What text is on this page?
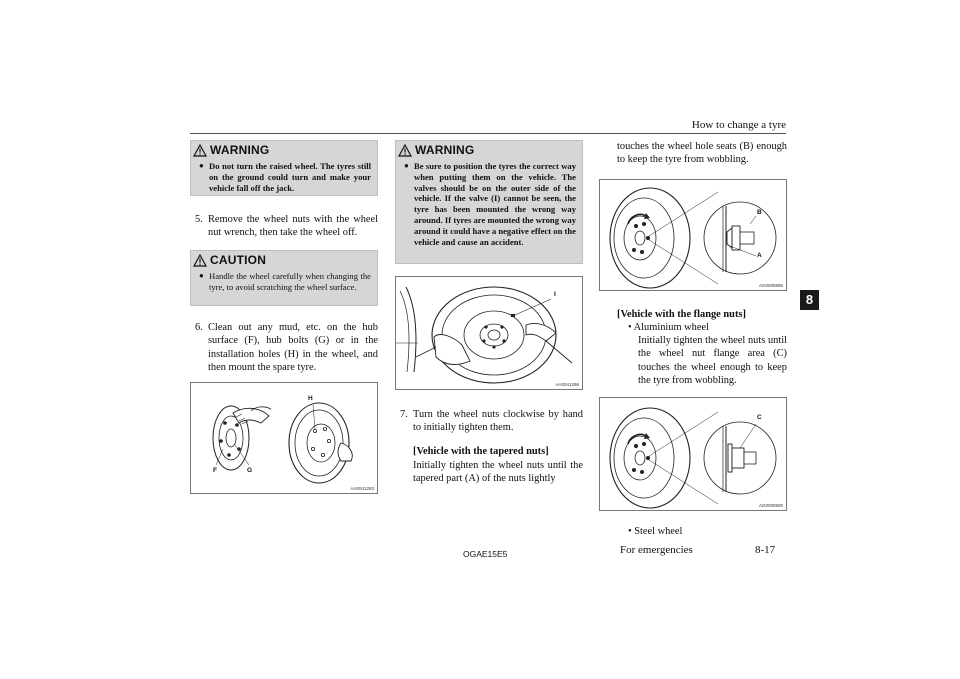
How to change a tyre
8
WARNING
● Do not turn the raised wheel. The tyres still on the ground could turn and make your vehicle fall off the jack.
5. Remove the wheel nuts with the wheel nut wrench, then take the wheel off.
CAUTION
● Handle the wheel carefully when changing the tyre, to avoid scratching the wheel surface.
6. Clean out any mud, etc. on the hub surface (F), hub bolts (G) or in the installation holes (H) in the wheel, and then mount the spare tyre.
H
F	G
AA0041283
WARNING
● Be sure to position the tyres the correct way when putting them on the vehicle. The valves should be on the outer side of the vehicle. If the valve (I) cannot be seen, the tyre has been mounted the wrong way around. If tyres are mounted the wrong way around it could have a negative effect on the vehicle and cause an accident.
I
AA0041296
7. Turn the wheel nuts clockwise by hand to initially tighten them.
[Vehicle with the tapered nuts]
Initially tighten the wheel nuts until the tapered part (A) of the nuts lightly
touches the wheel hole seats (B) enough to keep the tyre from wobbling.
B
A
AG0005896
[Vehicle with the flange nuts]
• Aluminium wheel
Initially tighten the wheel nuts until the wheel nut flange area (C) touches the wheel enough to keep the tyre from wobbling.
C
AG0005900
• Steel wheel
OGAE15E5	For emergencies	8-17
